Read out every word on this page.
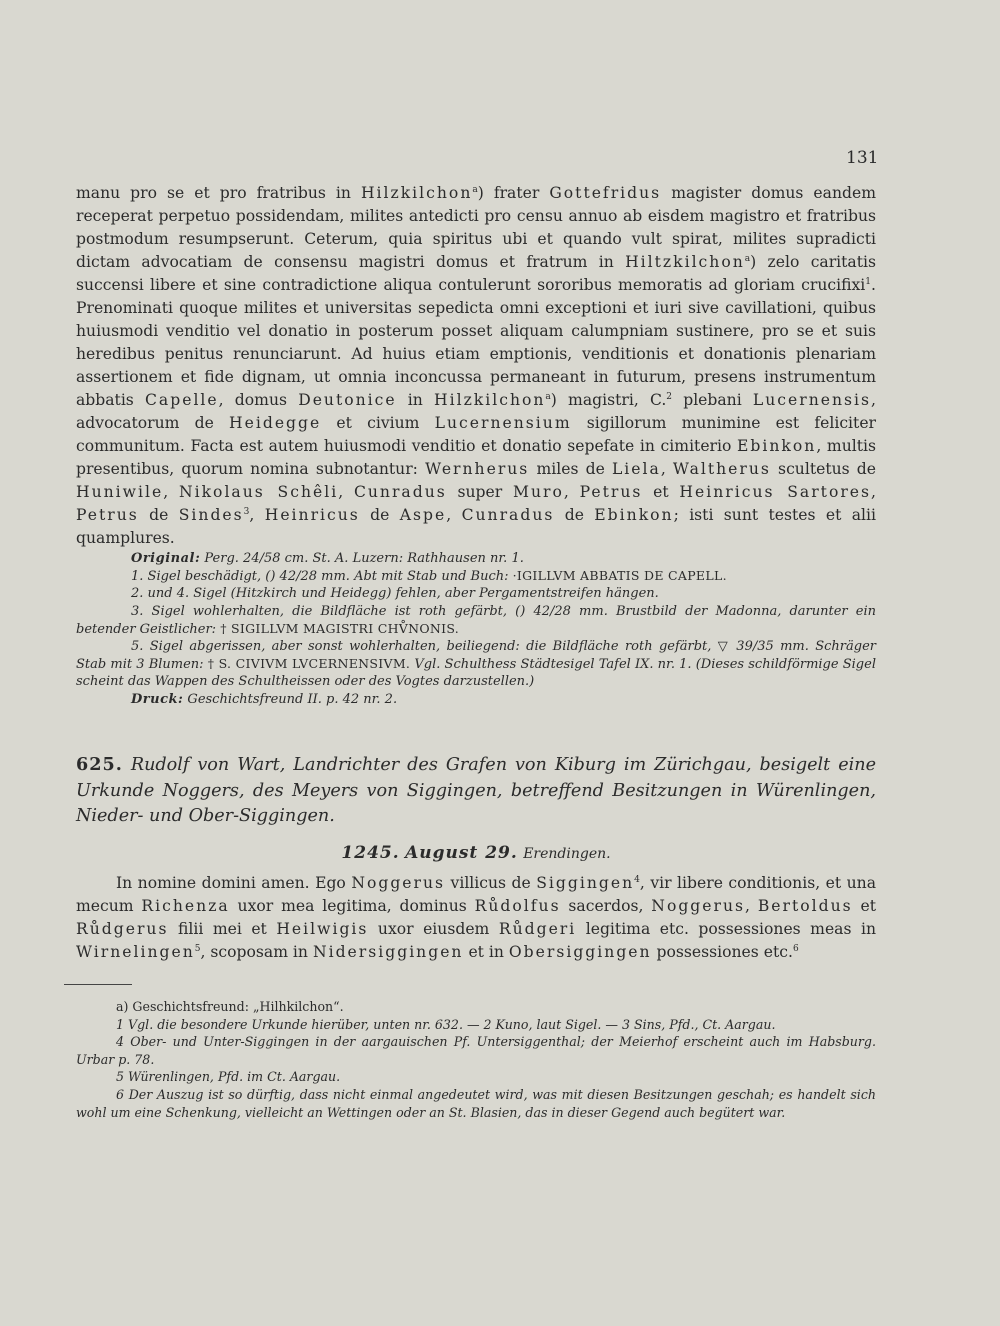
131

manu pro se et pro fratribus in Hilzkilchon$^a$) frater Gottefridus magister domus eandem receperat perpetuo possidendam, milites antedicti pro censu annuo ab eisdem magistro et fratribus postmodum resumpserunt. Ceterum, quia spiritus ubi et quando vult spirat, milites supradicti dictam advocatiam de consensu magistri domus et fratrum in Hiltzkilchon$^a$) zelo caritatis succensi libere et sine contradictione aliqua contulerunt sororibus memoratis ad gloriam crucifixi$^1$. Prenominati quoque milites et universitas sepedicta omni exceptioni et iuri sive cavillationi, quibus huiusmodi venditio vel donatio in posterum posset aliquam calumpniam sustinere, pro se et suis heredibus penitus renunciarunt. Ad huius etiam emptionis, venditionis et donationis plenariam assertionem et fide dignam, ut omnia inconcussa permaneant in futurum, presens instrumentum abbatis Capelle, domus Deutonice in Hilzkilchon$^a$) magistri, C.$^2$ plebani Lucernensis, advocatorum de Heidegge et civium Lucernensium sigillorum munimine est feliciter communitum. Facta est autem huiusmodi venditio et donatio sepefate in cimiterio Ebinkon, multis presentibus, quorum nomina subnotantur: Wernherus miles de Liela, Waltherus scultetus de Huniwile, Nikolaus Schêli, Cunradus super Muro, Petrus et Heinricus Sartores, Petrus de Sindes$^3$, Heinricus de Aspe, Cunradus de Ebinkon; isti sunt testes et alii quamplures.

Original: Perg. 24/58 cm. St. A. Luzern: Rathhausen nr. 1.

1. Sigel beschädigt, () 42/28 mm. Abt mit Stab und Buch: ·IGILLVM ABBATIS DE CAPELL.

2. und 4. Sigel (Hitzkirch und Heidegg) fehlen, aber Pergamentstreifen hängen.

3. Sigel wohlerhalten, die Bildfläche ist roth gefärbt, () 42/28 mm. Brustbild der Madonna, darunter ein betender Geistlicher: † SIGILLVM MAGISTRI CHV̊NONIS.

5. Sigel abgerissen, aber sonst wohlerhalten, beiliegend: die Bildfläche roth gefärbt, ▽ 39/35 mm. Schräger Stab mit 3 Blumen: † S. CIVIVM LVCERNENSIVM. Vgl. Schulthess Städtesigel Tafel IX. nr. 1. (Dieses schildförmige Sigel scheint das Wappen des Schultheissen oder des Vogtes darzustellen.)

Druck: Geschichtsfreund II. p. 42 nr. 2.

625. Rudolf von Wart, Landrichter des Grafen von Kiburg im Zürichgau, besigelt eine Urkunde Noggers, des Meyers von Siggingen, betreffend Besitzungen in Würenlingen, Nieder- und Ober-Siggingen.
1245. August 29. Erendingen.

In nomine domini amen. Ego Noggerus villicus de Siggingen$^4$, vir libere conditionis, et una mecum Richenza uxor mea legitima, dominus Růdolfus sacerdos, Noggerus, Bertoldus et Růdgerus filii mei et Heilwigis uxor eiusdem Růdgeri legitima etc. possessiones meas in Wirnelingen$^5$, scoposam in Nidersiggingen et in Obersiggingen possessiones etc.$^6$

a) Geschichtsfreund: „Hilhkilchon“.

1 Vgl. die besondere Urkunde hierüber, unten nr. 632. — 2 Kuno, laut Sigel. — 3 Sins, Pfd., Ct. Aargau.

4 Ober- und Unter-Siggingen in der aargauischen Pf. Untersiggenthal; der Meierhof erscheint auch im Habsburg. Urbar p. 78.

5 Würenlingen, Pfd. im Ct. Aargau.

6 Der Auszug ist so dürftig, dass nicht einmal angedeutet wird, was mit diesen Besitzungen geschah; es handelt sich wohl um eine Schenkung, vielleicht an Wettingen oder an St. Blasien, das in dieser Gegend auch begütert war.
